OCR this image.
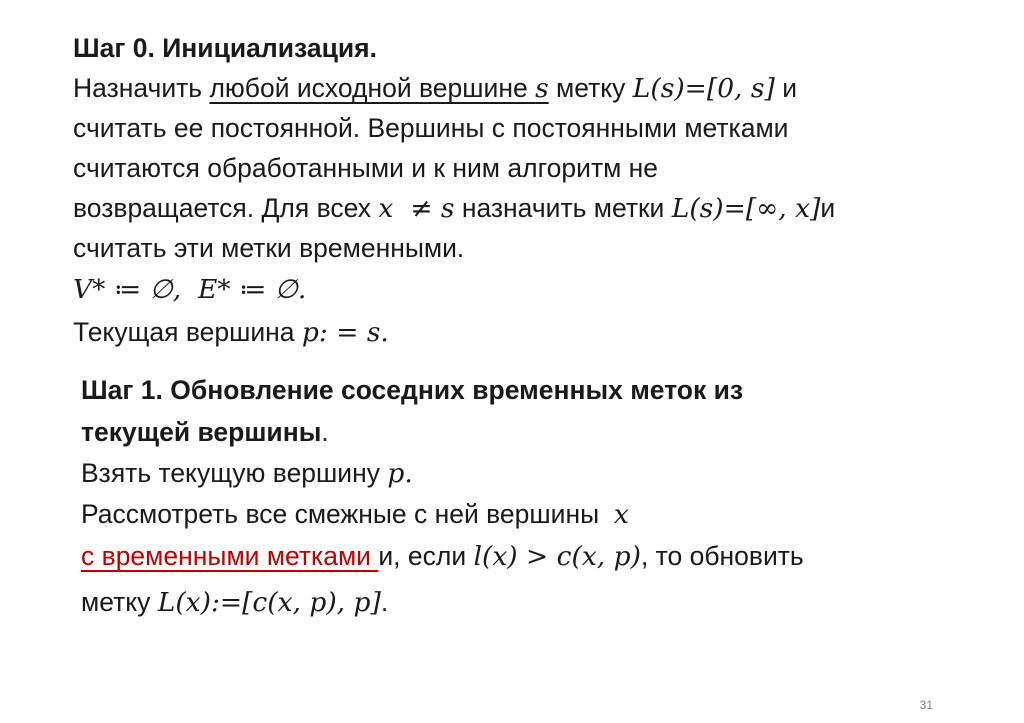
Шаг 0. Инициализация.
Назначить любой исходной вершине s метку L(s)=[0, s] и
считать ее постоянной. Вершины с постоянными метками
считаются обработанными и к ним алгоритм не
возвращается. Для всех x  ≠ s назначить метки L(s)=[∞, x]и
считать эти метки временными.
V* ≔ ∅,  E* ≔ ∅.
Текущая вершина p: = s.
Шаг 1. Обновление соседних временных меток из
текущей вершины.
Взять текущую вершину p.
Рассмотреть все смежные с ней вершины  x
с временными метками и, если l(x) > c(x, p), то обновить
метку L(x):=[c(x, p), p].
31
